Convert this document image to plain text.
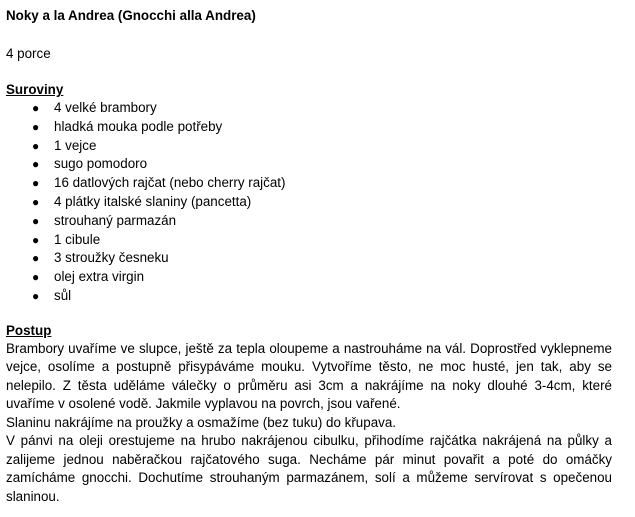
Noky a la Andrea (Gnocchi alla Andrea)
4 porce
Suroviny
● 4 velké brambory
● hladká mouka podle potřeby
● 1 vejce
● sugo pomodoro
● 16 datlových rajčat (nebo cherry rajčat)
● 4 plátky italské slaniny (pancetta)
● strouhaný parmazán
● 1 cibule
● 3 stroužky česneku
● olej extra virgin
● sůl
Postup

Brambory uvaříme ve slupce, ještě za tepla oloupeme a nastrouháme na vál. Doprostřed vyklepneme vejce, osolíme a postupně přisypáváme mouku. Vytvoříme těsto, ne moc husté, jen tak, aby se nelepilo. Z těsta uděláme válečky o průměru asi 3cm a nakrájíme na noky dlouhé 3-4cm, které uvaříme v osolené vodě. Jakmile vyplavou na povrch, jsou vařené.

Slaninu nakrájíme na proužky a osmažíme (bez tuku) do křupava.

V pánvi na oleji orestujeme na hrubo nakrájenou cibulku, přihodíme rajčátka nakrájená na půlky a zalijeme jednou naběračkou rajčatového suga. Necháme pár minut povařit a poté do omáčky zamícháme gnocchi. Dochutíme strouhaným parmazánem, solí a můžeme servírovat s opečenou slaninou.
